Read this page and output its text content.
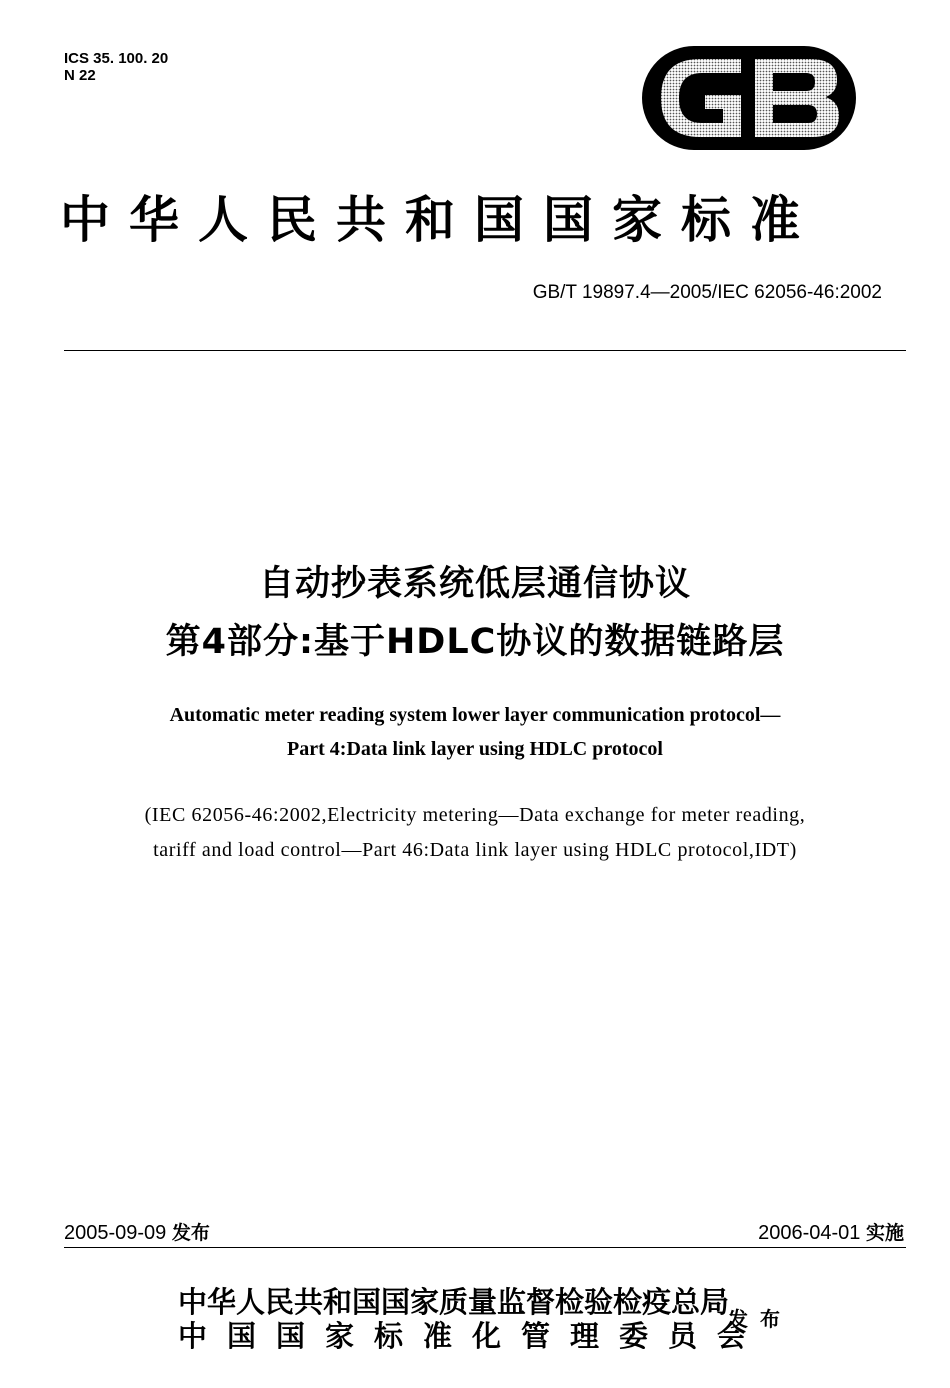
ICS 35. 100. 20
N 22
中华人民共和国国家标准
GB/T 19897.4—2005/IEC 62056-46:2002
自动抄表系统低层通信协议
第4部分:基于HDLC协议的数据链路层
Automatic meter reading system lower layer communication protocol—
Part 4:Data link layer using HDLC protocol
(IEC 62056-46:2002,Electricity metering—Data exchange for meter reading,
tariff and load control—Part 46:Data link layer using HDLC protocol,IDT)
2005-09-09 发布	2006-04-01 实施
中华人民共和国国家质量监督检验检疫总局
中国国家标准化管理委员会
发布
